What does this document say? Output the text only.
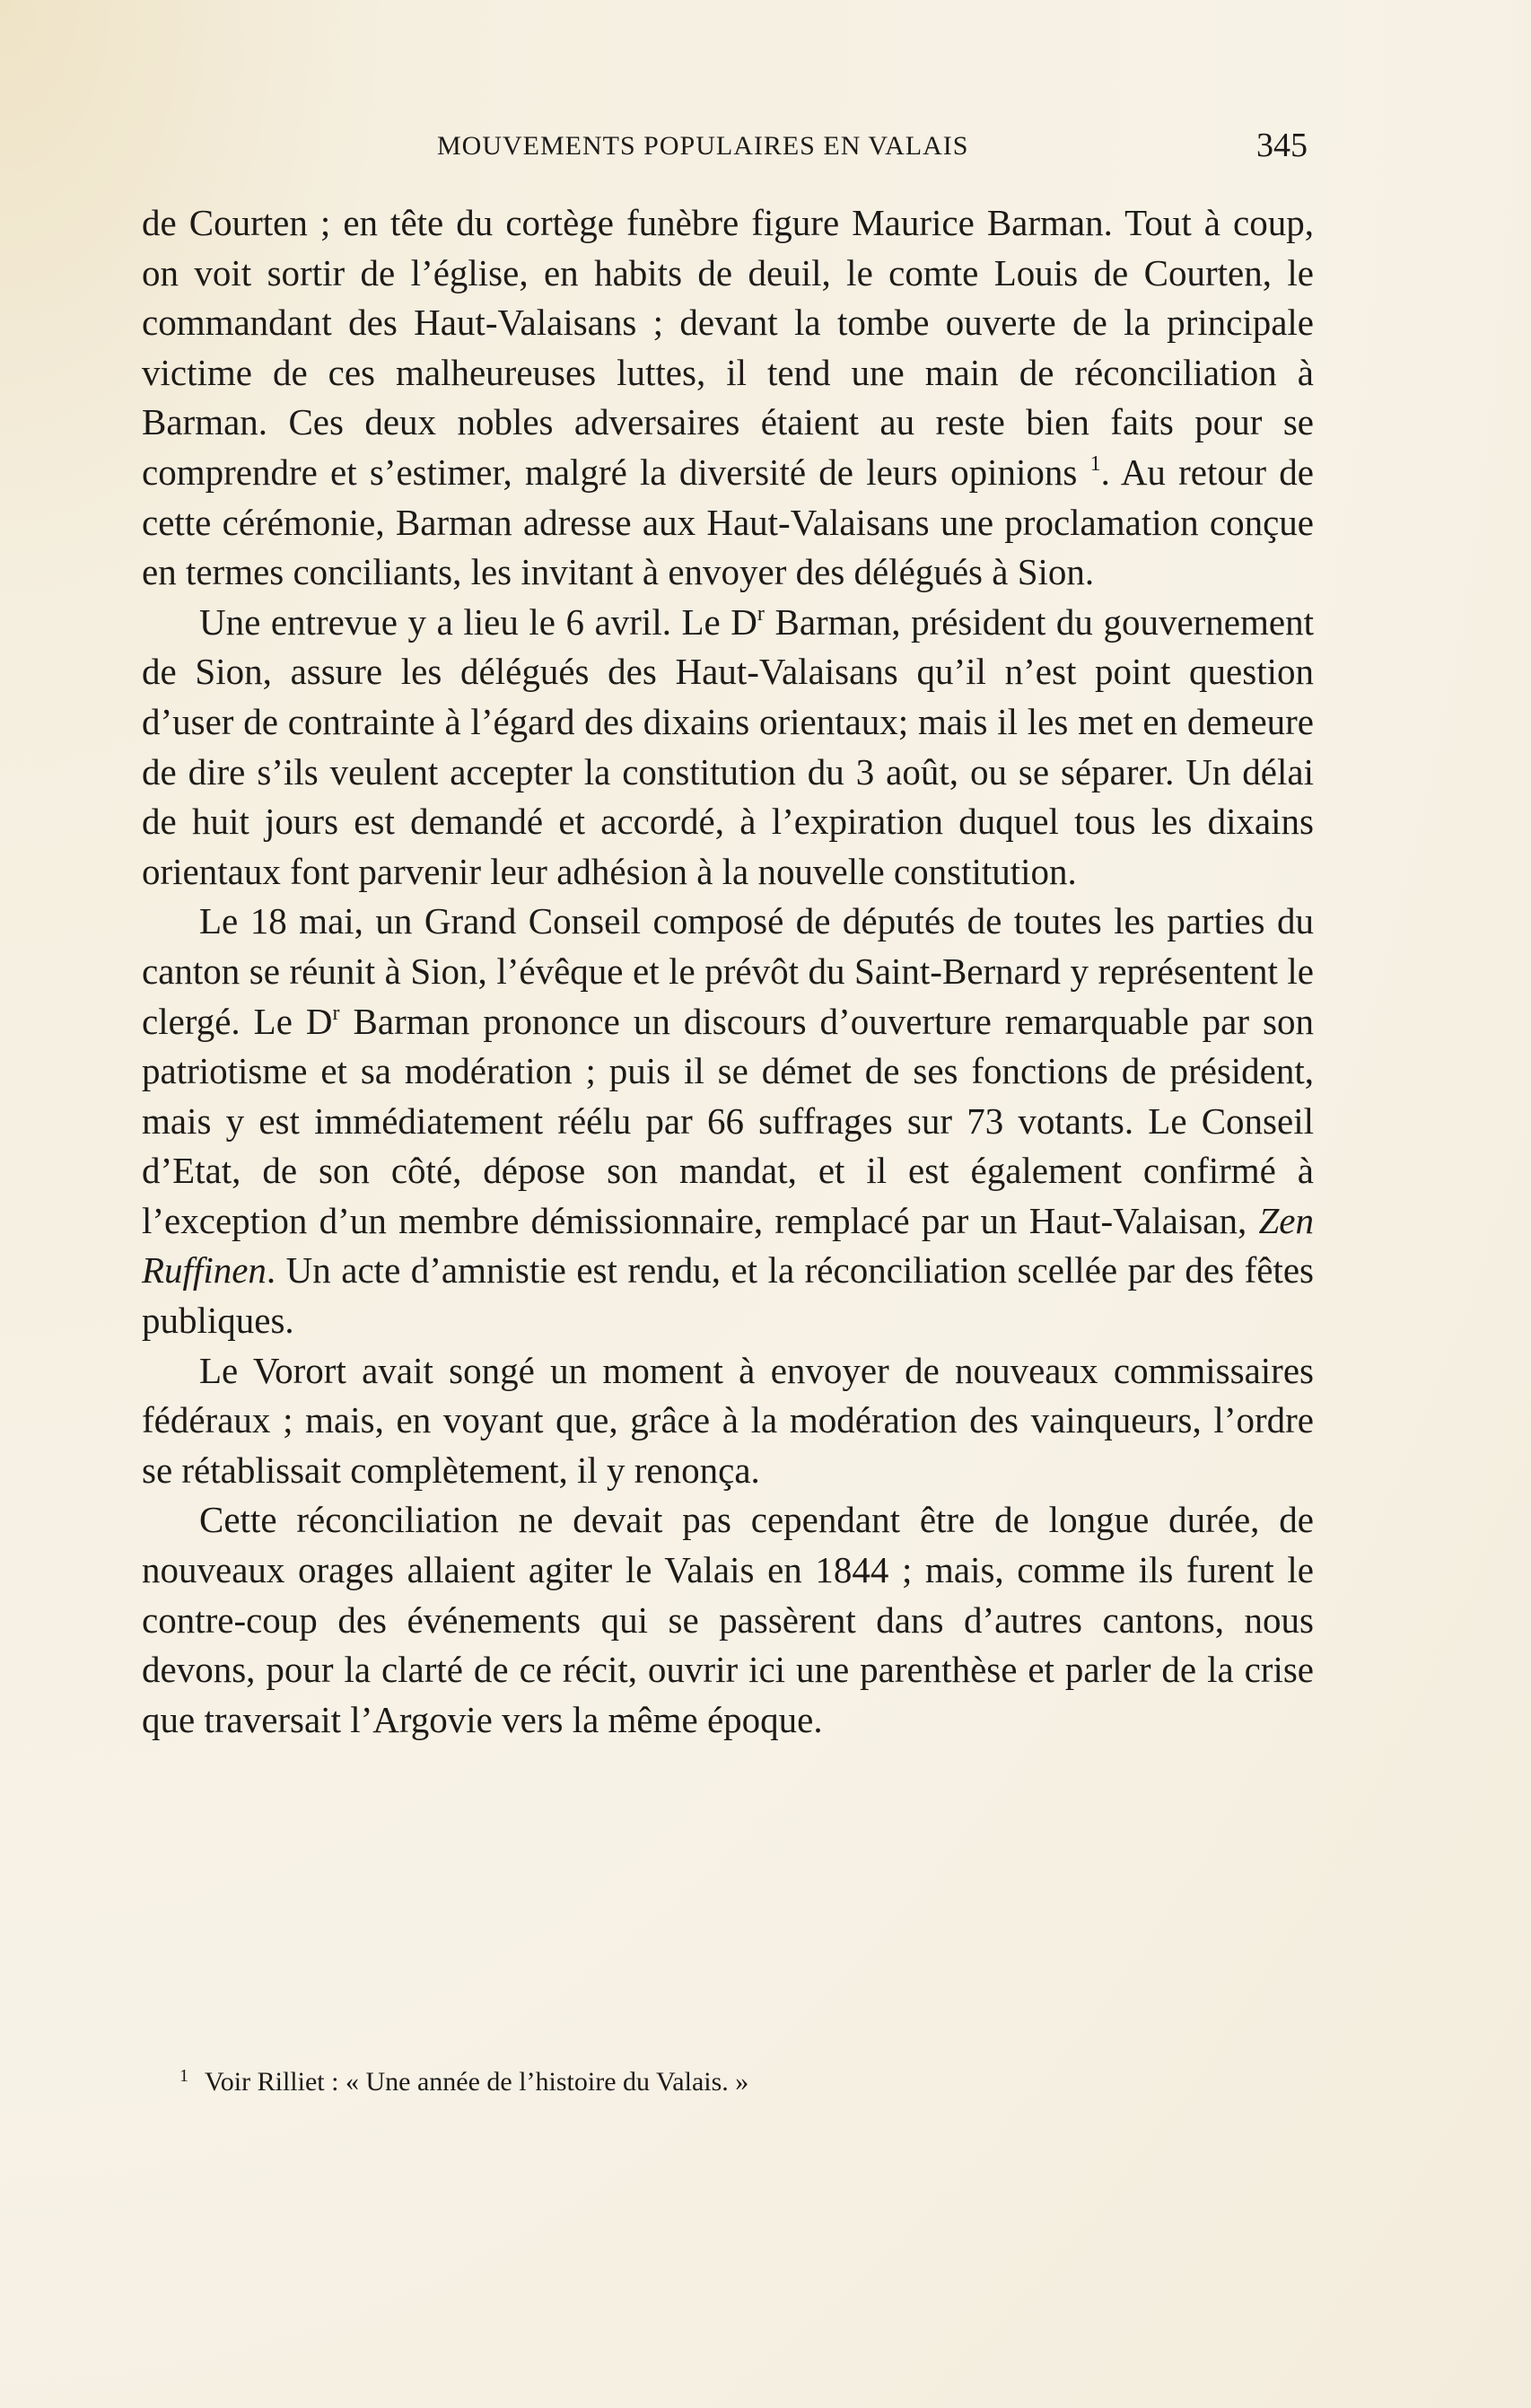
MOUVEMENTS POPULAIRES EN VALAIS	345

de Courten ; en tête du cortège funèbre figure Maurice Barman. Tout à coup, on voit sortir de l’église, en habits de deuil, le comte Louis de Courten, le commandant des Haut-Valaisans ; devant la tombe ouverte de la principale victime de ces malheureuses luttes, il tend une main de réconciliation à Barman. Ces deux nobles adversaires étaient au reste bien faits pour se comprendre et s’estimer, malgré la diversité de leurs opinions $^1$. Au retour de cette cérémonie, Barman adresse aux Haut-Valaisans une proclamation conçue en termes conciliants, les invitant à envoyer des délégués à Sion.

Une entrevue y a lieu le 6 avril. Le $D^r$ Barman, président du gouvernement de Sion, assure les délégués des Haut-Valaisans qu’il n’est point question d’user de contrainte à l’égard des dixains orientaux; mais il les met en demeure de dire s’ils veulent accepter la constitution du 3 août, ou se séparer. Un délai de huit jours est demandé et accordé, à l’expiration duquel tous les dixains orientaux font parvenir leur adhésion à la nouvelle constitution.

Le 18 mai, un Grand Conseil composé de députés de toutes les parties du canton se réunit à Sion, l’évêque et le prévôt du Saint-Bernard y représentent le clergé. Le $D^r$ Barman prononce un discours d’ouverture remarquable par son patriotisme et sa modération ; puis il se démet de ses fonctions de président, mais y est immédiatement réélu par 66 suffrages sur 73 votants. Le Conseil d’Etat, de son côté, dépose son mandat, et il est également confirmé à l’exception d’un membre démissionnaire, remplacé par un Haut-Valaisan, Zen Ruffinen. Un acte d’amnistie est rendu, et la réconciliation scellée par des fêtes publiques.

Le Vorort avait songé un moment à envoyer de nouveaux commissaires fédéraux ; mais, en voyant que, grâce à la modération des vainqueurs, l’ordre se rétablissait complètement, il y renonça.

Cette réconciliation ne devait pas cependant être de longue durée, de nouveaux orages allaient agiter le Valais en 1844 ; mais, comme ils furent le contre-coup des événements qui se passèrent dans d’autres cantons, nous devons, pour la clarté de ce récit, ouvrir ici une parenthèse et parler de la crise que traversait l’Argovie vers la même époque.

$^1$ Voir Rilliet : « Une année de l’histoire du Valais. »
